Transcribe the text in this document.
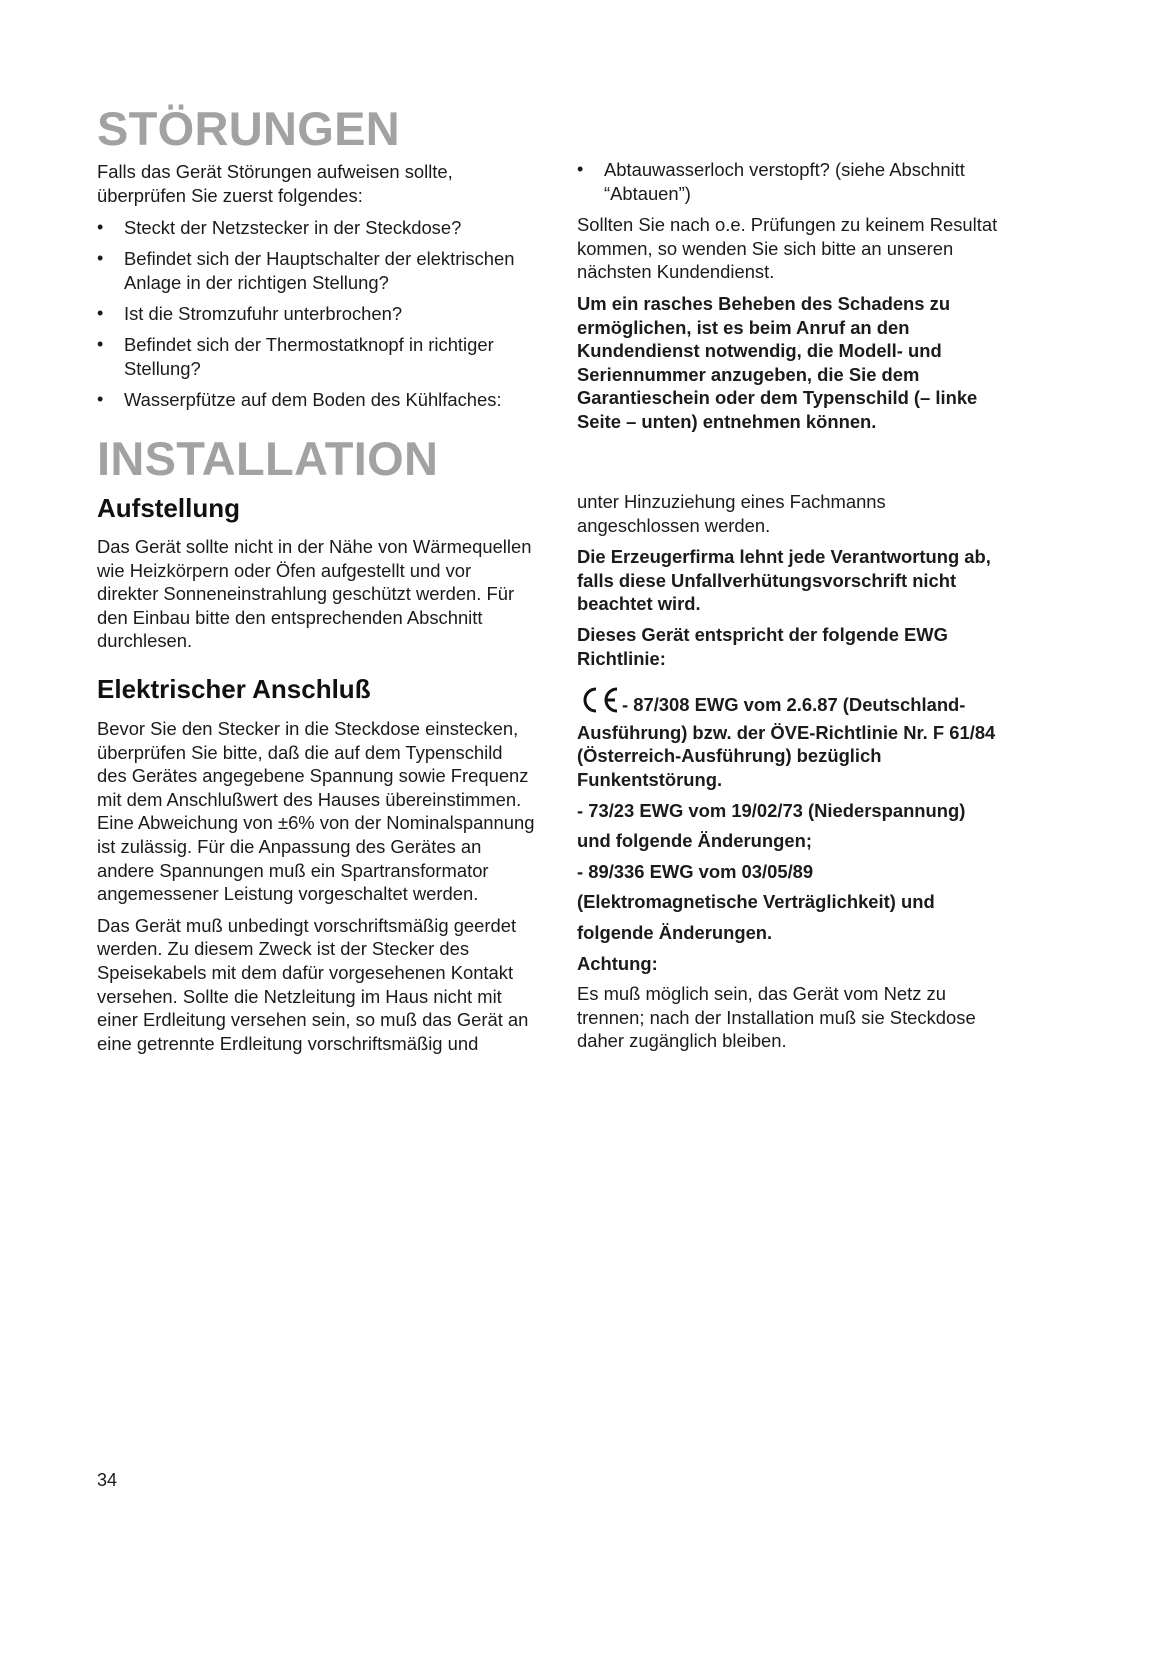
STÖRUNGEN

Falls das Gerät Störungen aufweisen sollte, überprüfen Sie zuerst folgendes:

• Steckt der Netzstecker in der Steckdose?
• Befindet sich der Hauptschalter der elektrischen Anlage in der richtigen Stellung?
• Ist die Stromzufuhr unterbrochen?
• Befindet sich der Thermostatknopf in richtiger Stellung?
• Wasserpfütze auf dem Boden des Kühlfaches:
• Abtauwasserloch verstopft? (siehe Abschnitt “Abtauen”)

Sollten Sie nach o.e. Prüfungen zu keinem Resultat kommen, so wenden Sie sich bitte an unseren nächsten Kundendienst.

Um ein rasches Beheben des Schadens zu ermöglichen, ist es beim Anruf an den Kundendienst notwendig, die Modell- und Seriennummer anzugeben, die Sie dem Garantieschein oder dem Typenschild (– linke Seite – unten) entnehmen können.

INSTALLATION
Aufstellung

Das Gerät sollte nicht in der Nähe von Wärmequellen wie Heizkörpern oder Öfen aufgestellt und vor direkter Sonneneinstrahlung geschützt werden. Für den Einbau bitte den entsprechenden Abschnitt durchlesen.

Elektrischer Anschluß

Bevor Sie den Stecker in die Steckdose einstecken, überprüfen Sie bitte, daß die auf dem Typenschild des Gerätes angegebene Spannung sowie Frequenz mit dem Anschlußwert des Hauses übereinstimmen. Eine Abweichung von ±6% von der Nominalspannung ist zulässig. Für die Anpassung des Gerätes an andere Spannungen muß ein Spartransformator angemessener Leistung vorgeschaltet werden.

Das Gerät muß unbedingt vorschriftsmäßig geerdet werden. Zu diesem Zweck ist der Stecker des Speisekabels mit dem dafür vorgesehenen Kontakt versehen. Sollte die Netzleitung im Haus nicht mit einer Erdleitung versehen sein, so muß das Gerät an eine getrennte Erdleitung vorschriftsmäßig und

unter Hinzuziehung eines Fachmanns angeschlossen werden.

Die Erzeugerfirma lehnt jede Verantwortung ab, falls diese Unfallverhütungsvorschrift nicht beachtet wird.

Dieses Gerät entspricht der folgende EWG Richtlinie:

- 87/308 EWG vom 2.6.87 (Deutschland-Ausführung) bzw. der ÖVE-Richtlinie Nr. F 61/84 (Österreich-Ausführung) bezüglich Funkentstörung.

- 73/23 EWG vom 19/02/73 (Niederspannung)

und folgende Änderungen;

- 89/336 EWG vom 03/05/89

(Elektromagnetische Verträglichkeit) und

folgende Änderungen.

Achtung:

Es muß möglich sein, das Gerät vom Netz zu trennen; nach der Installation muß sie Steckdose daher zugänglich bleiben.

34
